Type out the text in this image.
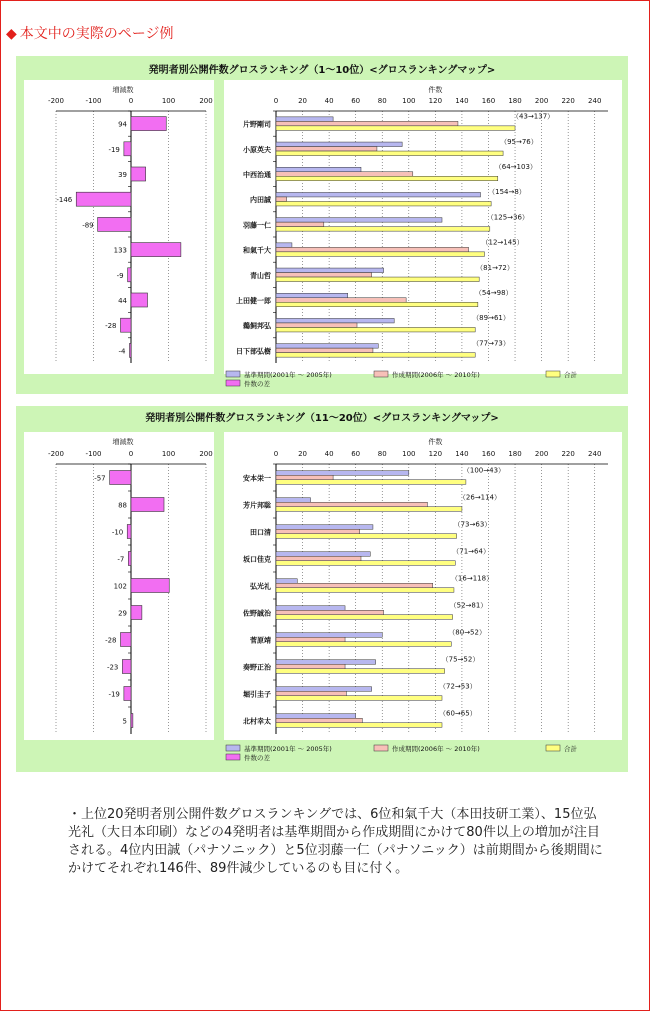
◆ 本文中の実際のページ例
発明者別公開件数グロスランキング（1～10位）<グロスランキングマップ>
増減数	件数
-200	-100	0	100	200	0	20	40	60	80 100 120 140 160 180 200 220 240
94	片野剛司
（43→137）
-19	小原英夫
（95→76）
39	中西治通
（64→103）
-146	内田誠
（154→8）
-89	羽藤一仁
（125→36）
133	和氣千大
（12→145）
-9	青山哲
（81→72）
44	上田健一郎
（54→98）
-28	鵜飼邦弘
（89→61）
-4	日下部弘樹
（77→73）
基準期間(2001年 ～ 2005年)	作成期間(2006年 ～ 2010年)	合計
件数の差
発明者別公開件数グロスランキング（11～20位）<グロスランキングマップ>
増減数	件数
-200	-100	0	100	200	0	20	40	60	80 100 120 140 160 180 200 220 240
-57	安本栄一
（100→43）
88	芳片邦聡
（26→114）
-10	田口清
（73→63）
-7	坂口佳克
（71→64）
102	弘光礼
（16→118）
29	佐野誠治
（52→81）
-28	菅原靖
（80→52）
-23	奏野正治
（75→52）
-19	堀引圭子
（72→53）
5	北村幸太
（60→65）
基準期間(2001年 ～ 2005年)	作成期間(2006年 ～ 2010年)	合計
件数の差
・上位20発明者別公開件数グロスランキングでは、6位和氣千大（本田技研工業）、15位弘光礼（大日本印刷）などの4発明者は基準期間から作成期間にかけて80件以上の増加が注目される。4位内田誠（パナソニック）と5位羽藤一仁（パナソニック）は前期間から後期間にかけてそれぞれ146件、89件減少しているのも目に付く。
